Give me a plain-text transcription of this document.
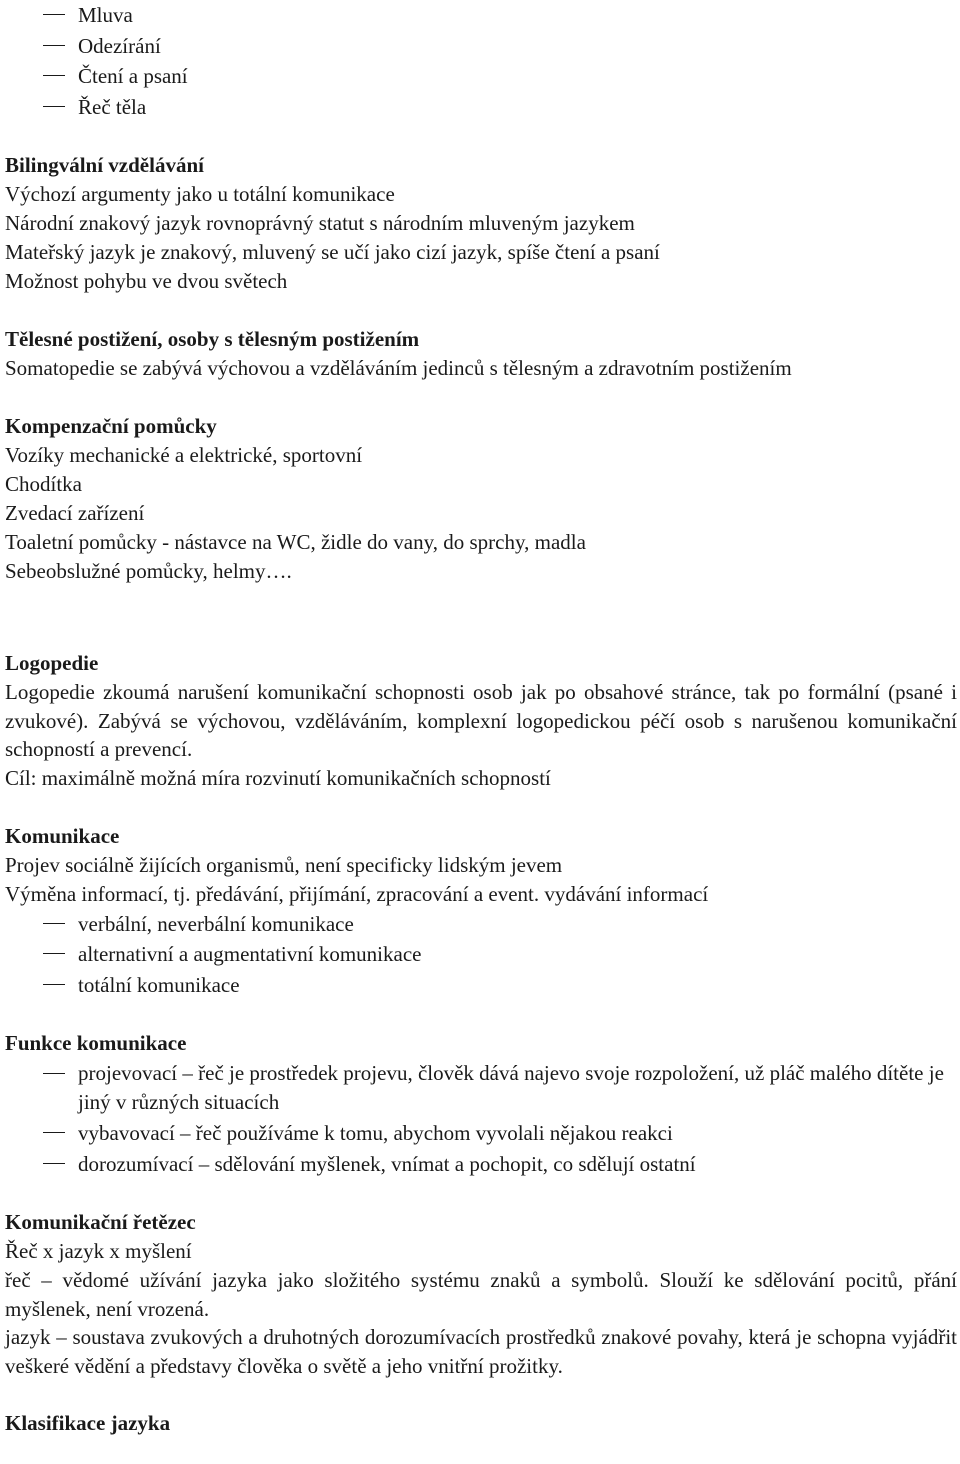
Mluva
Odezírání
Čtení a psaní
Řeč těla
Bilingvální vzdělávání
Výchozí argumenty jako u totální komunikace
Národní znakový jazyk rovnoprávný statut s národním mluveným jazykem
Mateřský jazyk je znakový, mluvený se učí jako cizí jazyk, spíše čtení a psaní
Možnost pohybu ve dvou světech
Tělesné postižení, osoby s tělesným postižením
Somatopedie se zabývá výchovou a vzděláváním jedinců s tělesným a zdravotním postižením
Kompenzační pomůcky
Vozíky mechanické a elektrické, sportovní
Chodítka
Zvedací zařízení
Toaletní pomůcky - nástavce na WC, židle do vany, do sprchy, madla
Sebeobslužné pomůcky, helmy….
Logopedie
Logopedie zkoumá narušení komunikační schopnosti osob jak po obsahové stránce, tak po formální (psané i zvukové). Zabývá se výchovou, vzděláváním, komplexní logopedickou péčí osob s narušenou komunikační schopností a prevencí.
Cíl: maximálně možná míra rozvinutí komunikačních schopností
Komunikace
Projev sociálně žijících organismů, není specificky lidským jevem
Výměna informací, tj. předávání, přijímání, zpracování a event. vydávání informací
verbální, neverbální komunikace
alternativní a augmentativní komunikace
totální komunikace
Funkce komunikace
projevovací – řeč je prostředek projevu, člověk dává najevo svoje rozpoložení, už pláč malého dítěte je jiný v různých situacích
vybavovací – řeč používáme k tomu, abychom vyvolali nějakou reakci
dorozumívací – sdělování myšlenek, vnímat a pochopit, co sdělují ostatní
Komunikační řetězec
Řeč x jazyk x myšlení
řeč – vědomé užívání jazyka jako složitého systému znaků a symbolů. Slouží ke sdělování pocitů, přání myšlenek, není vrozená.
jazyk – soustava zvukových a druhotných dorozumívacích prostředků znakové povahy, která je schopna vyjádřit veškeré vědění a představy člověka o světě a jeho vnitřní prožitky.
Klasifikace jazyka
